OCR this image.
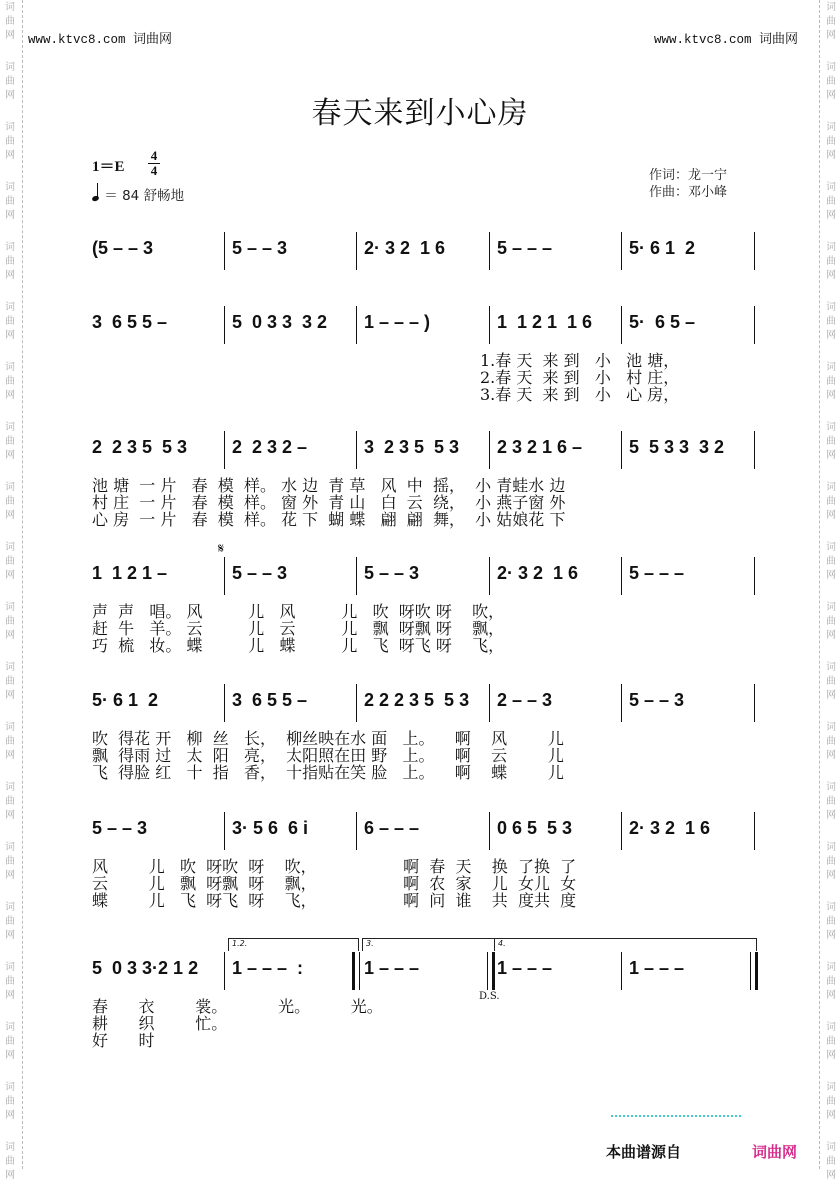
词
曲
网
词
曲
网
词
曲
网
词
曲
网
词
曲
网
词
曲
网
词
曲
网
词
曲
网
词
曲
网
词
曲
网
词
曲
网
词
曲
网
词
曲
网
词
曲
网
词
曲
网
词
曲
网
词
曲
网
词
曲
网
词
曲
网
词
曲
网
词
曲
网
词
曲
网
词
曲
网
词
曲
网
词
曲
网
词
曲
网
词
曲
网
词
曲
网
词
曲
网
词
曲
网
词
曲
网
词
曲
网
词
曲
网
词
曲
网
词
曲
网
词
曲
网
词
曲
网
词
曲
网
词
曲
网
词
曲
网
www.ktvc8.com 词曲网	www.ktvc8.com 词曲网
春天来到小心房
1＝E
4
4
＝ 84 舒畅地
作词：龙一宁
作曲：邓小峰
(5 – – 3	5 – – 3	2· 3 2  1 6	5 – – –	5· 6 1  2
3  6 5 5 –	5  0 3 3  3 2 1 – – – )	1  1 2 1  1 6 5·  6 5 –
1.春 天  来 到   小   池 塘，
2.春 天  来 到   小   村 庄，
3.春 天  来 到   小   心 房，
2  2 3 5  5 3 2  2 3 2 –	3  2 3 5  5 3 2 3 2 1 6 –	5  5 3 3  3 2
池 塘  一 片   春  模  样。 水 边  青 草   风  中  摇，  小 青蛙水 边
村 庄  一 片   春  模  样。 窗 外  青 山   白  云  绕，  小 燕子窗 外
心 房  一 片   春  模  样。 花 下  蝴 蝶   翩  翩  舞，  小 姑娘花 下
1  1 2 1 –	5 – – 3	5 – – 3	2· 3 2  1 6	5 – – –
𝄋
声  声   唱。 风         儿   风         儿   吹  呀吹 呀    吹，
赶  牛   羊。 云         儿   云         儿   飘  呀飘 呀    飘，
巧  梳   妆。 蝶         儿   蝶         儿   飞  呀飞 呀    飞，
5· 6 1  2	3  6 5 5 –	2 2 2 3 5  5 3 2 – – 3	5 – – 3
吹  得花 开   柳  丝   长，  柳丝映在水 面   上。    啊    风        儿
飘  得雨 过   太  阳   亮，  太阳照在田 野   上。    啊    云        儿
飞  得脸 红   十  指   香，  十指贴在笑 脸   上。    啊    蝶        儿
5 – – 3	3· 5 6  6 i	6 – – –	0 6 5  5 3	2· 3 2  1 6
风        儿   吹  呀吹  呀    吹，                 啊  春  天    换  了换  了
云        儿   飘  呀飘  呀    飘，                 啊  农  家    儿  女儿  女
蝶        儿   飞  呀飞  呀    飞，                 啊  问  谁    共  度共  度
5  0 3 3·2 1 2 1 – – –  :	1 – – –	1 – – –	1 – – –
1.2.	3.	4.
D.S.
春      衣        裳。          光。        光。
耕      织        忙。
好      时
本曲谱源自	词曲网
